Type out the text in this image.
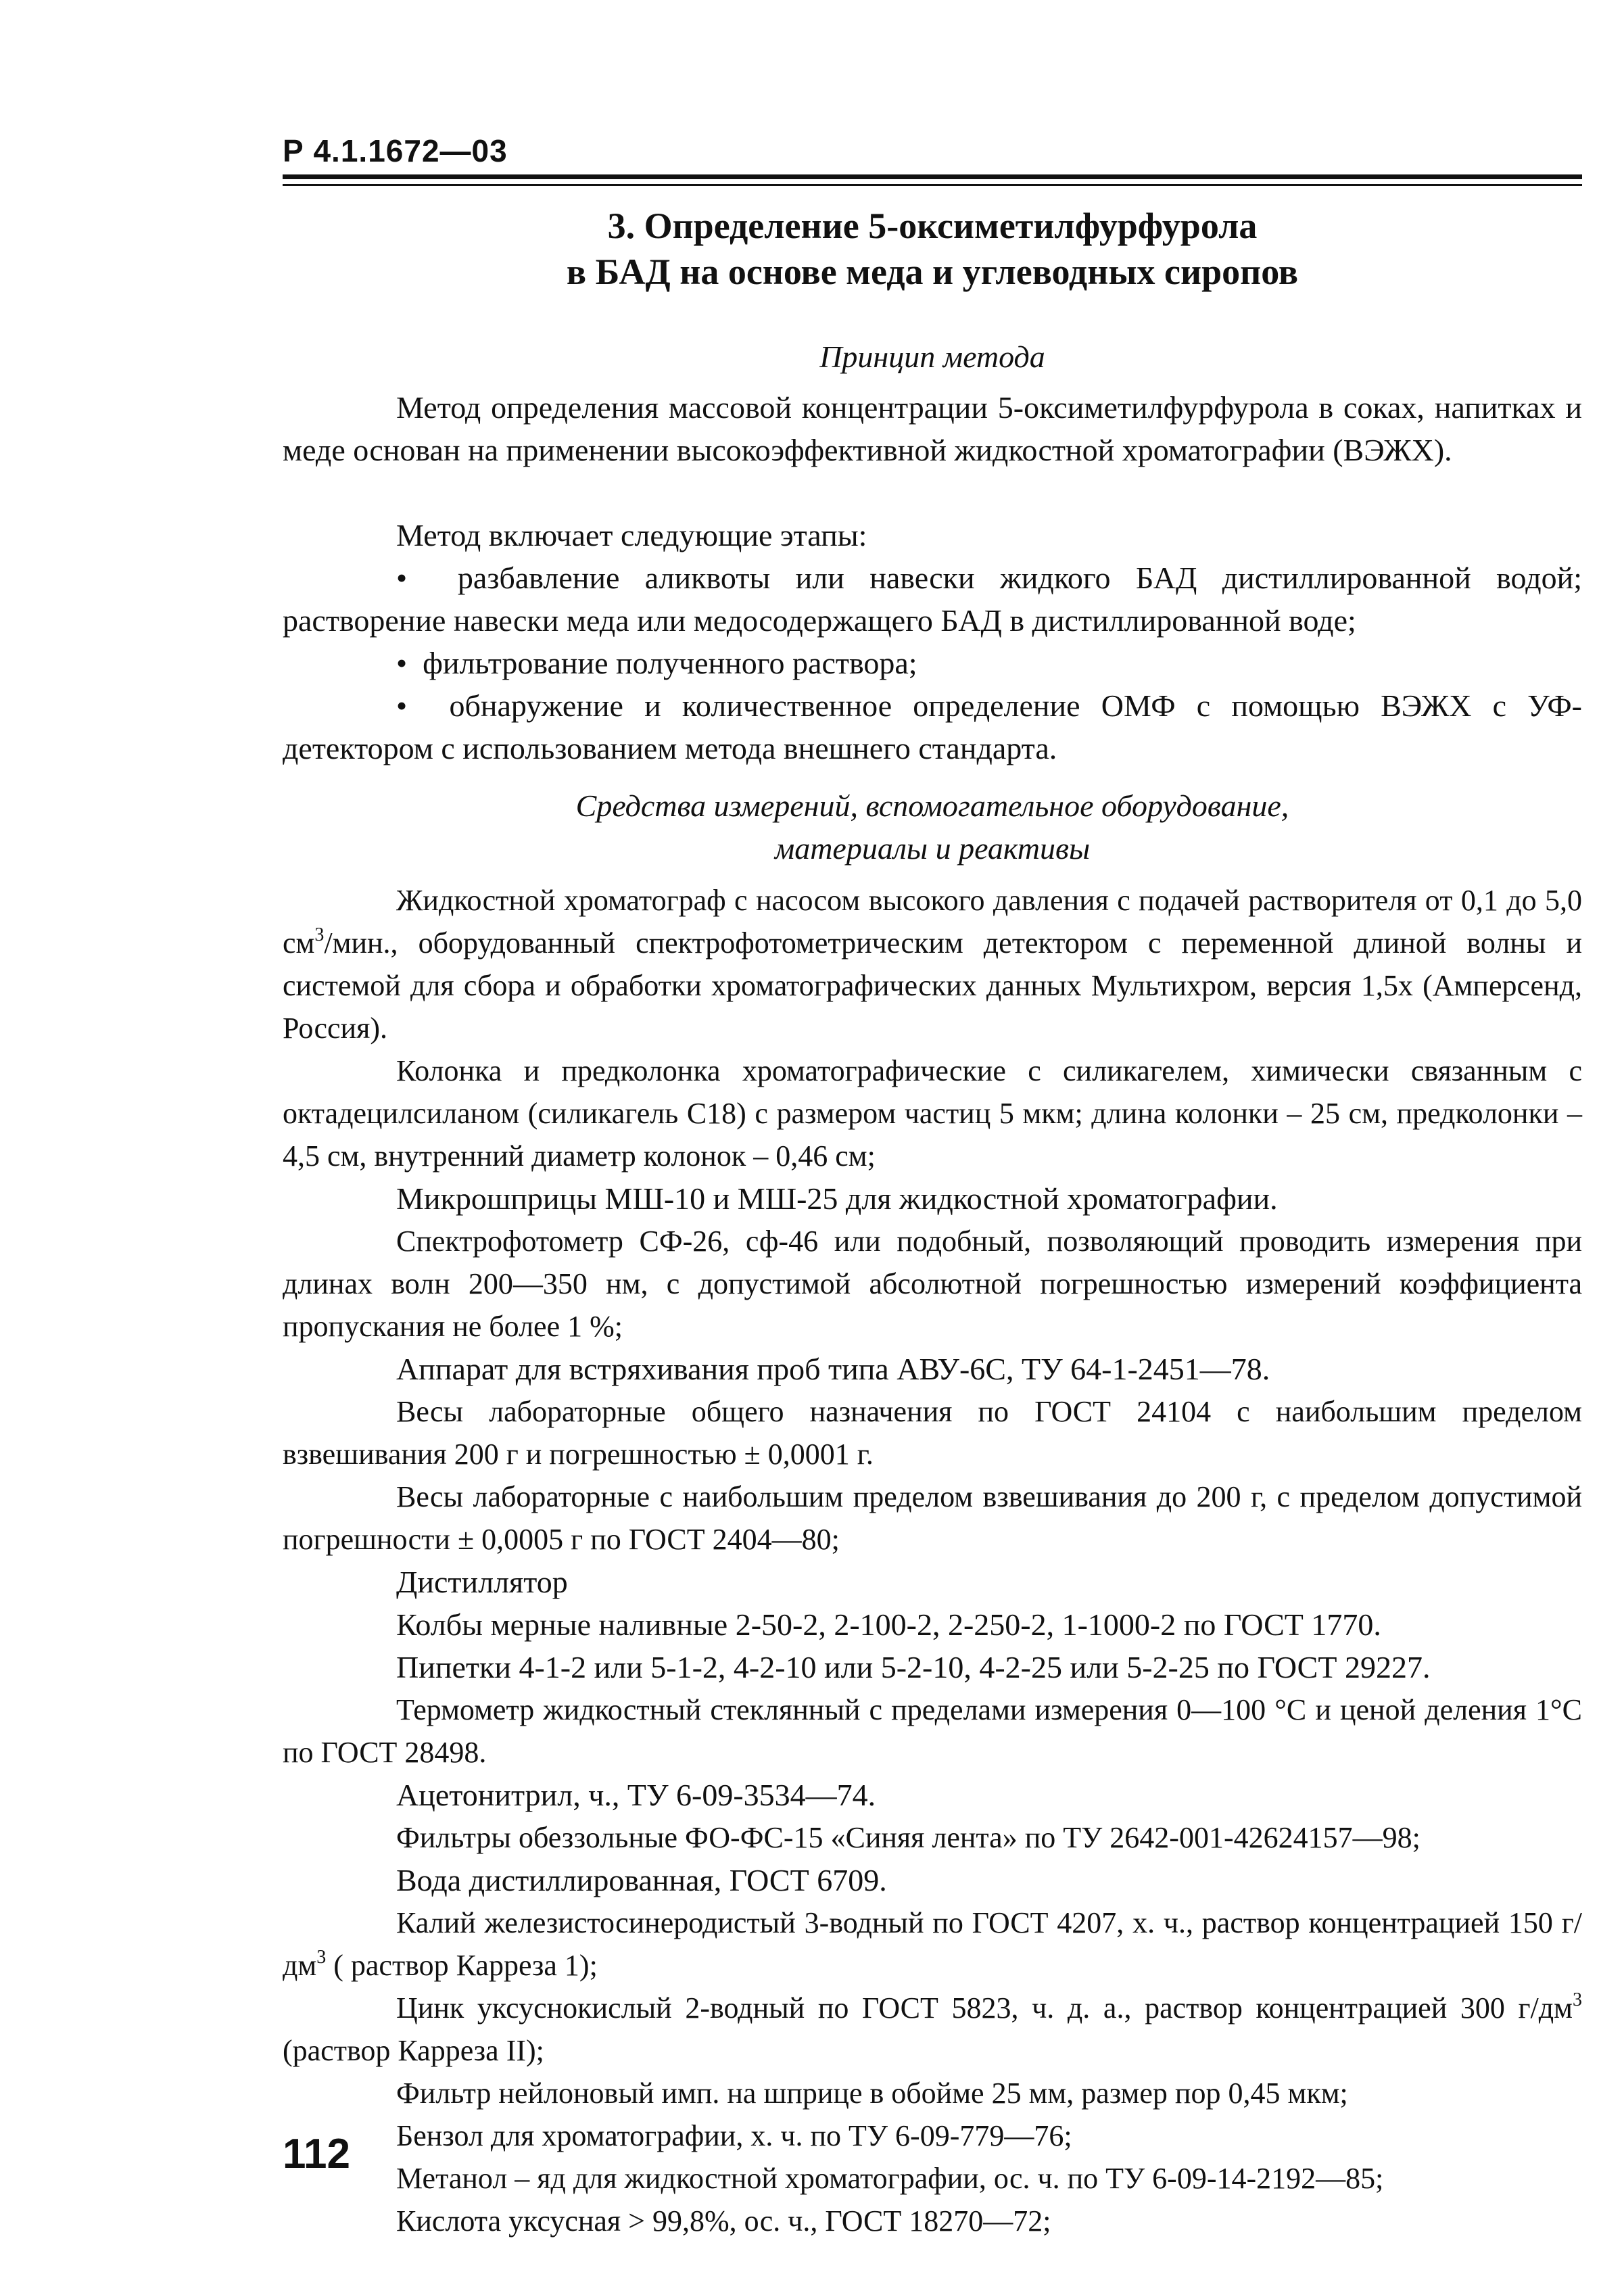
Р 4.1.1672—03
3. Определение 5-оксиметилфурфурола
в БАД на основе меда и углеводных сиропов
Принцип метода
Метод определения массовой концентрации 5-оксиметилфурфурола в соках, напитках и меде основан на применении высокоэффективной жидкостной хроматографии (ВЭЖХ).
Метод включает следующие этапы:
•  разбавление аликвоты или навески жидкого БАД дистиллированной водой; растворение навески меда или медосодержащего БАД в дистиллированной воде;
•  фильтрование полученного раствора;
•  обнаружение и количественное определение ОМФ с помощью ВЭЖХ с УФ-детектором с использованием метода внешнего стандарта.
Средства измерений, вспомогательное оборудование,
материалы и реактивы
Жидкостной хроматограф с насосом высокого давления с подачей растворителя от 0,1 до 5,0 $см^3$/мин., оборудованный спектрофотометрическим детектором с переменной длиной волны и системой для сбора и обработки хроматографических данных Мультихром, версия 1,5х (Амперсенд, Россия).
Колонка и предколонка хроматографические с силикагелем, химически связанным с октадецилсиланом (силикагель С18) с размером частиц 5 мкм; длина колонки – 25 см, предколонки – 4,5 см, внутренний диаметр колонок – 0,46 см;
Микрошприцы МШ-10 и МШ-25 для жидкостной хроматографии.
Спектрофотометр СФ-26, сф-46 или подобный, позволяющий проводить измерения при длинах волн 200—350 нм, с допустимой абсолютной погрешностью измерений коэффициента пропускания не более 1 %;
Аппарат для встряхивания проб типа АВУ-6С, ТУ 64-1-2451—78.
Весы лабораторные общего назначения по ГОСТ 24104 с наибольшим пределом взвешивания 200 г и погрешностью ± 0,0001 г.
Весы лабораторные с наибольшим пределом взвешивания до 200 г, с пределом допустимой погрешности ± 0,0005 г по ГОСТ 2404—80;
Дистиллятор
Колбы мерные наливные 2-50-2, 2-100-2, 2-250-2, 1-1000-2 по ГОСТ 1770.
Пипетки 4-1-2 или 5-1-2, 4-2-10 или 5-2-10, 4-2-25 или 5-2-25 по ГОСТ 29227.
Термометр жидкостный стеклянный с пределами измерения 0—100 °С и ценой деления 1°С по ГОСТ 28498.
Ацетонитрил, ч., ТУ 6-09-3534—74.
Фильтры обеззольные ФО-ФС-15 «Синяя лента» по ТУ 2642-001-42624157—98;
Вода дистиллированная, ГОСТ 6709.
Калий железистосинеродистый 3-водный по ГОСТ 4207, х. ч., раствор концентрацией 150 $г/дм^3$ ( раствор Карреза 1);
Цинк уксуснокислый 2-водный по ГОСТ 5823, ч. д. а., раствор концентрацией 300 $г/дм^3$ (раствор Карреза II);
Фильтр нейлоновый имп. на шприце в обойме 25 мм, размер пор 0,45 мкм;
Бензол для хроматографии, х. ч. по ТУ 6-09-779—76;
Метанол – яд для жидкостной хроматографии, ос. ч. по ТУ 6-09-14-2192—85;
Кислота уксусная > 99,8%, ос. ч., ГОСТ 18270—72;
112
